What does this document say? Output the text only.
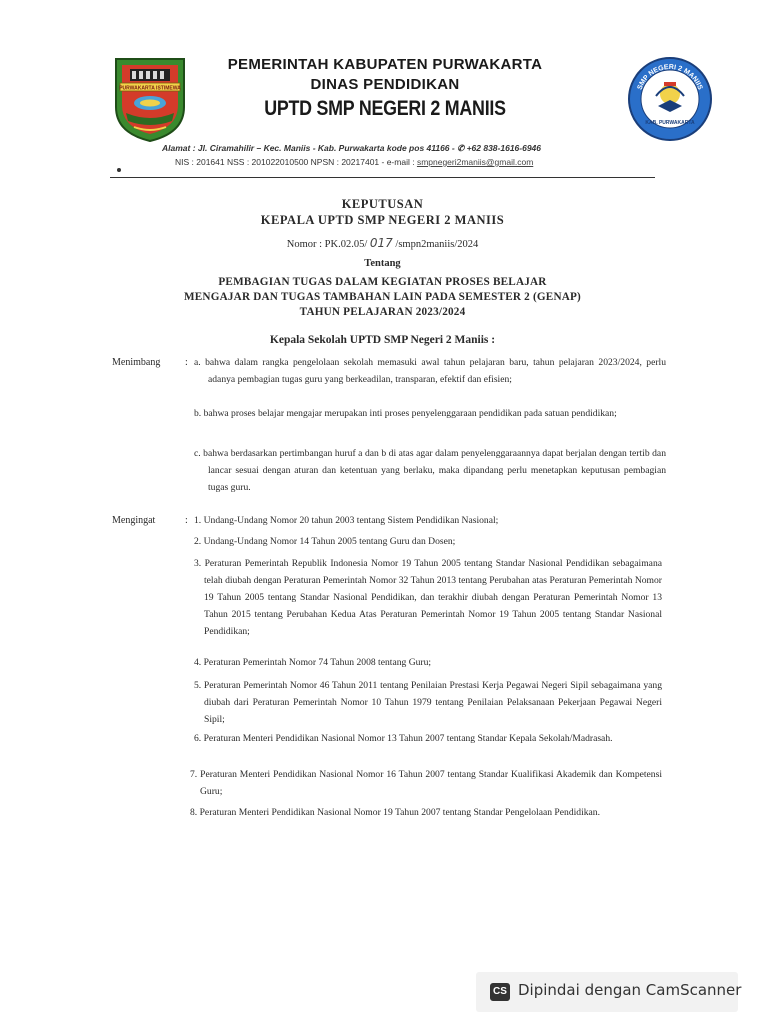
PURWAKARTA ISTIMEWA	SMP NEGERI 2 MANIIS
KAB. PURWAKARTA
PEMERINTAH KABUPATEN PURWAKARTA
DINAS PENDIDIKAN
UPTD SMP NEGERI 2 MANIIS
Alamat : Jl. Ciramahilir – Kec. Maniis - Kab. Purwakarta kode pos 41166 - ✆ +62 838-1616-6946
NIS : 201641 NSS : 201022010500 NPSN : 20217401 - e-mail : smpnegeri2maniis@gmail.com
KEPUTUSAN
KEPALA UPTD SMP NEGERI 2 MANIIS
Nomor : PK.02.05/ 017 /smpn2maniis/2024
Tentang
PEMBAGIAN TUGAS DALAM KEGIATAN PROSES BELAJAR
MENGAJAR DAN TUGAS TAMBAHAN LAIN PADA SEMESTER 2 (GENAP)
TAHUN PELAJARAN 2023/2024
Kepala Sekolah UPTD SMP Negeri 2 Maniis :
Menimbang : a. bahwa dalam rangka pengelolaan sekolah memasuki awal tahun pelajaran baru, tahun pelajaran 2023/2024, perlu adanya pembagian tugas guru yang berkeadilan, transparan, efektif dan efisien;
b. bahwa proses belajar mengajar merupakan inti proses penyelenggaraan pendidikan pada satuan pendidikan;
c. bahwa berdasarkan pertimbangan huruf a dan b di atas agar dalam penyelenggaraannya dapat berjalan dengan tertib dan lancar sesuai dengan aturan dan ketentuan yang berlaku, maka dipandang perlu menetapkan keputusan pembagian tugas guru.
Mengingat	: 1. Undang-Undang Nomor 20 tahun 2003 tentang Sistem Pendidikan Nasional;
2. Undang-Undang Nomor 14 Tahun 2005 tentang Guru dan Dosen;
3. Peraturan Pemerintah Republik Indonesia Nomor 19 Tahun 2005 tentang Standar Nasional Pendidikan sebagaimana telah diubah dengan Peraturan Pemerintah Nomor 32 Tahun 2013 tentang Perubahan atas Peraturan Pemerintah Nomor 19 Tahun 2005 tentang Standar Nasional Pendidikan, dan terakhir diubah dengan Peraturan Pemerintah Nomor 13 Tahun 2015 tentang Perubahan Kedua Atas Peraturan Pemerintah Nomor 19 Tahun 2005 tentang Standar Nasional Pendidikan;
4. Peraturan Pemerintah Nomor 74 Tahun 2008 tentang Guru;
5. Peraturan Pemerintah Nomor 46 Tahun 2011 tentang Penilaian Prestasi Kerja Pegawai Negeri Sipil sebagaimana yang diubah dari Peraturan Pemerintah Nomor 10 Tahun 1979 tentang Penilaian Pelaksanaan Pekerjaan Pegawai Negeri Sipil;
6. Peraturan Menteri Pendidikan Nasional Nomor 13 Tahun 2007 tentang Standar Kepala Sekolah/Madrasah.
7. Peraturan Menteri Pendidikan Nasional Nomor 16 Tahun 2007 tentang Standar Kualifikasi Akademik dan Kompetensi Guru;
8. Peraturan Menteri Pendidikan Nasional Nomor 19 Tahun 2007 tentang Standar Pengelolaan Pendidikan.
CS Dipindai dengan CamScanner
